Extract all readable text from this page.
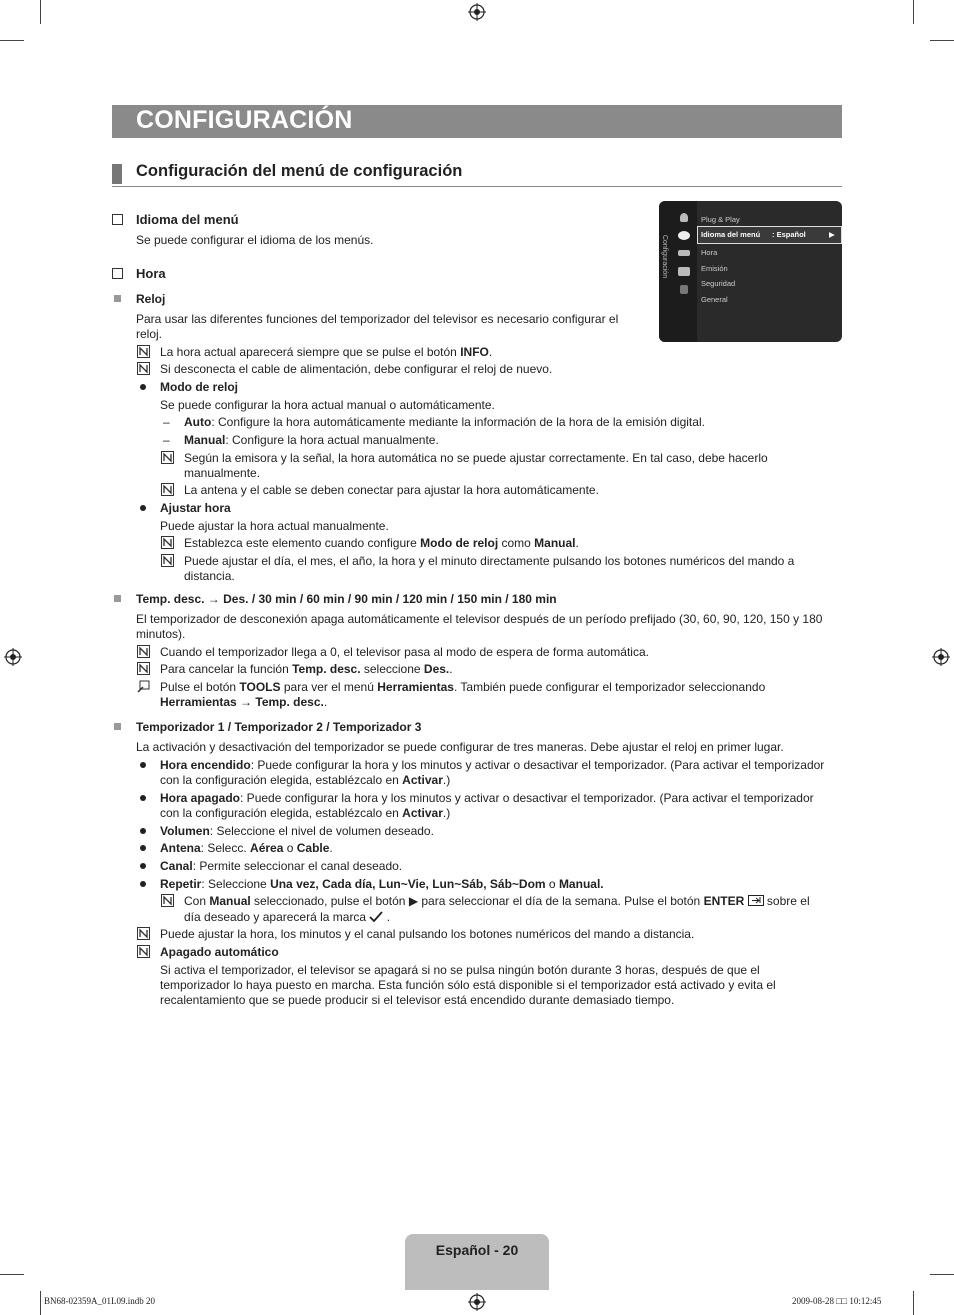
CONFIGURACIÓN
Configuración del menú de configuración
Configuración
Plug & Play
Idioma del menú : Español	▶
Hora
Emisión
Seguridad
General
Idioma del menú
Se puede configurar el idioma de los menús.
Hora
Reloj
Para usar las diferentes funciones del temporizador del televisor es necesario configurar el
reloj.
La hora actual aparecerá siempre que se pulse el botón INFO.
Si desconecta el cable de alimentación, debe configurar el reloj de nuevo.
Modo de reloj
Se puede configurar la hora actual manual o automáticamente.
– Auto: Configure la hora automáticamente mediante la información de la hora de la emisión digital.
– Manual: Configure la hora actual manualmente.
Según la emisora y la señal, la hora automática no se puede ajustar correctamente. En tal caso, debe hacerlo
manualmente.
La antena y el cable se deben conectar para ajustar la hora automáticamente.
Ajustar hora
Puede ajustar la hora actual manualmente.
Establezca este elemento cuando configure Modo de reloj como Manual.
Puede ajustar el día, el mes, el año, la hora y el minuto directamente pulsando los botones numéricos del mando a
distancia.
Temp. desc. → Des. / 30 min / 60 min / 90 min / 120 min / 150 min / 180 min
El temporizador de desconexión apaga automáticamente el televisor después de un período prefijado (30, 60, 90, 120, 150 y 180
minutos).
Cuando el temporizador llega a 0, el televisor pasa al modo de espera de forma automática.
Para cancelar la función Temp. desc. seleccione Des..
Pulse el botón TOOLS para ver el menú Herramientas. También puede configurar el temporizador seleccionando
Herramientas → Temp. desc..
Temporizador 1 / Temporizador 2 / Temporizador 3
La activación y desactivación del temporizador se puede configurar de tres maneras. Debe ajustar el reloj en primer lugar.
Hora encendido: Puede configurar la hora y los minutos y activar o desactivar el temporizador. (Para activar el temporizador
con la configuración elegida, establézcalo en Activar.)
Hora apagado: Puede configurar la hora y los minutos y activar o desactivar el temporizador. (Para activar el temporizador
con la configuración elegida, establézcalo en Activar.)
Volumen: Seleccione el nivel de volumen deseado.
Antena: Selecc. Aérea o Cable.
Canal: Permite seleccionar el canal deseado.
Repetir: Seleccione Una vez, Cada día, Lun~Vie, Lun~Sáb, Sáb~Dom o Manual.
Con Manual seleccionado, pulse el botón ▶ para seleccionar el día de la semana. Pulse el botón ENTER  sobre el
día deseado y aparecerá la marca .
Puede ajustar la hora, los minutos y el canal pulsando los botones numéricos del mando a distancia.
Apagado automático
Si activa el temporizador, el televisor se apagará si no se pulsa ningún botón durante 3 horas, después de que el
temporizador lo haya puesto en marcha. Esta función sólo está disponible si el temporizador está activado y evita el
recalentamiento que se puede producir si el televisor está encendido durante demasiado tiempo.
Español - 20
BN68-02359A_01L09.indb 20	2009-08-28 □□ 10:12:45
